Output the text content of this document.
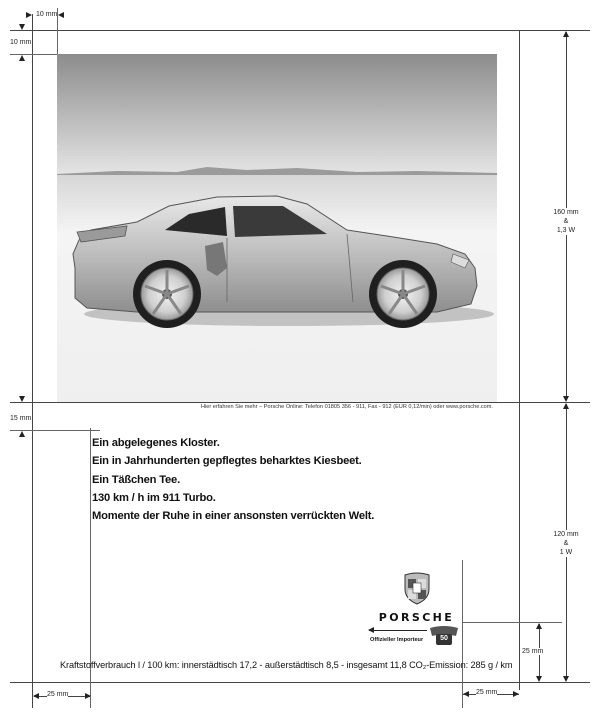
10 mm
10 mm
15 mm
160 mm
&
1,3 W
120 mm
&
1 W
25 mm
25 mm	25 mm
Hier erfahren Sie mehr – Porsche Online: Telefon 01805 356 - 911, Fax - 912 (EUR 0,12/min) oder www.porsche.com.
Ein abgelegenes Kloster.
Ein in Jahrhunderten gepflegtes beharktes Kiesbeet.
Ein Täßchen Tee.
130 km / h im 911 Turbo.
Momente der Ruhe in einer ansonsten verrückten Welt.
PORSCHE
Offizieller Importeur	50
Kraftstoffverbrauch l / 100 km: innerstädtisch 17,2 - außerstädtisch 8,5 - insgesamt 11,8 CO₂-Emission: 285 g / km
